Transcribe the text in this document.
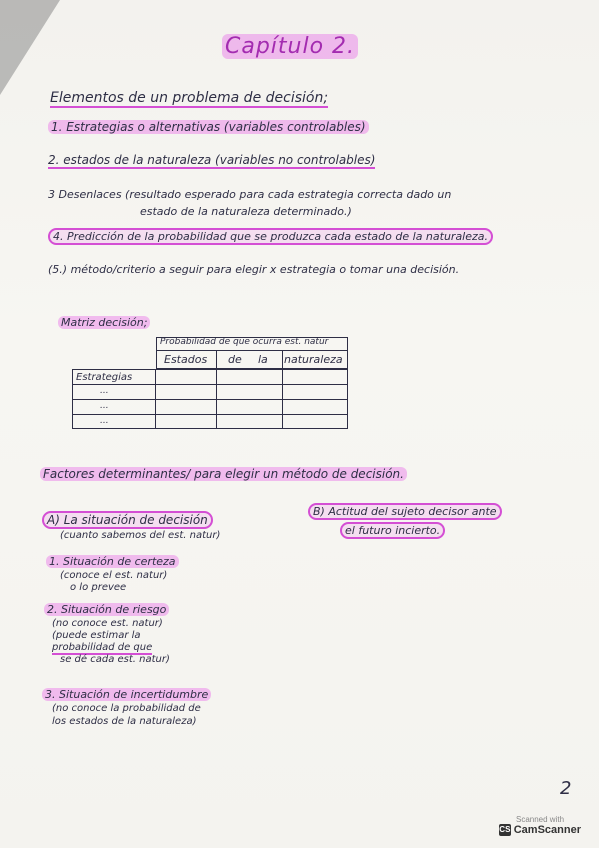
Capítulo 2.
Elementos de un problema de decisión;
1. Estrategias o alternativas (variables controlables)
2. estados de la naturaleza (variables no controlables)
3 Desenlaces (resultado esperado para cada estrategia correcta dado un
estado de la naturaleza determinado.)
4. Predicción de la probabilidad que se produzca cada estado de la naturaleza.
(5.) método/criterio a seguir para elegir x estrategia o tomar una decisión.
Matriz decisión;
Probabilidad de que ocurra est. natur
Estados de la naturaleza
Estrategias
...
...
...
Factores determinantes/ para elegir un método de decisión.
A) La situación de decisión
(cuanto sabemos del est. natur)
B) Actitud del sujeto decisor ante
el futuro incierto.
1. Situación de certeza
(conoce el est. natur)
o lo prevee
2. Situación de riesgo
(no conoce est. natur)
(puede estimar la
probabilidad de que
se dé cada est. natur)
3. Situación de incertidumbre
(no conoce la probabilidad de
los estados de la naturaleza)
2
Scanned with
CS CamScanner
